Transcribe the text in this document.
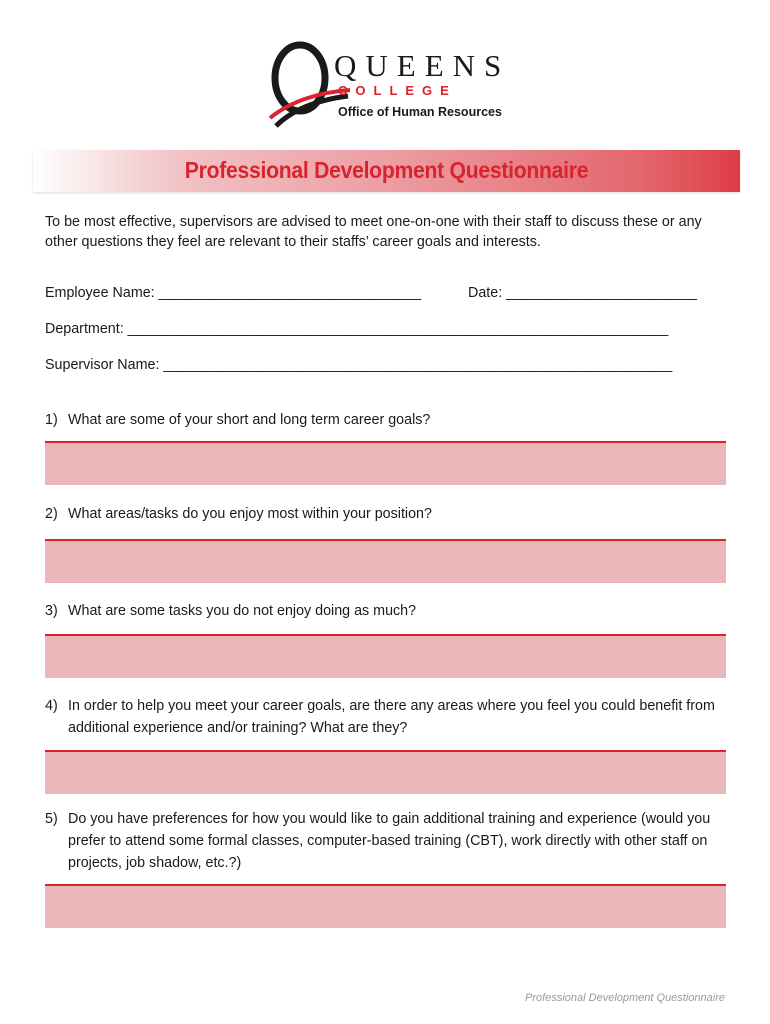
QUEENS
COLLEGE
Office of Human Resources
Professional Development Questionnaire
To be most effective, supervisors are advised to meet one-on-one with their staff to discuss these or any other questions they feel are relevant to their staffs’ career goals and interests.
Employee Name: _________________________________	Date: ________________________
Department: ____________________________________________________________________
Supervisor Name: ________________________________________________________________
1) What are some of your short and long term career goals?
2) What areas/tasks do you enjoy most within your position?
3) What are some tasks you do not enjoy doing as much?
4) In order to help you meet your career goals, are there any areas where you feel you could benefit from additional experience and/or training? What are they?
5) Do you have preferences for how you would like to gain additional training and experience (would you prefer to attend some formal classes, computer-based training (CBT), work directly with other staff on projects, job shadow, etc.?)
Professional Development Questionnaire
